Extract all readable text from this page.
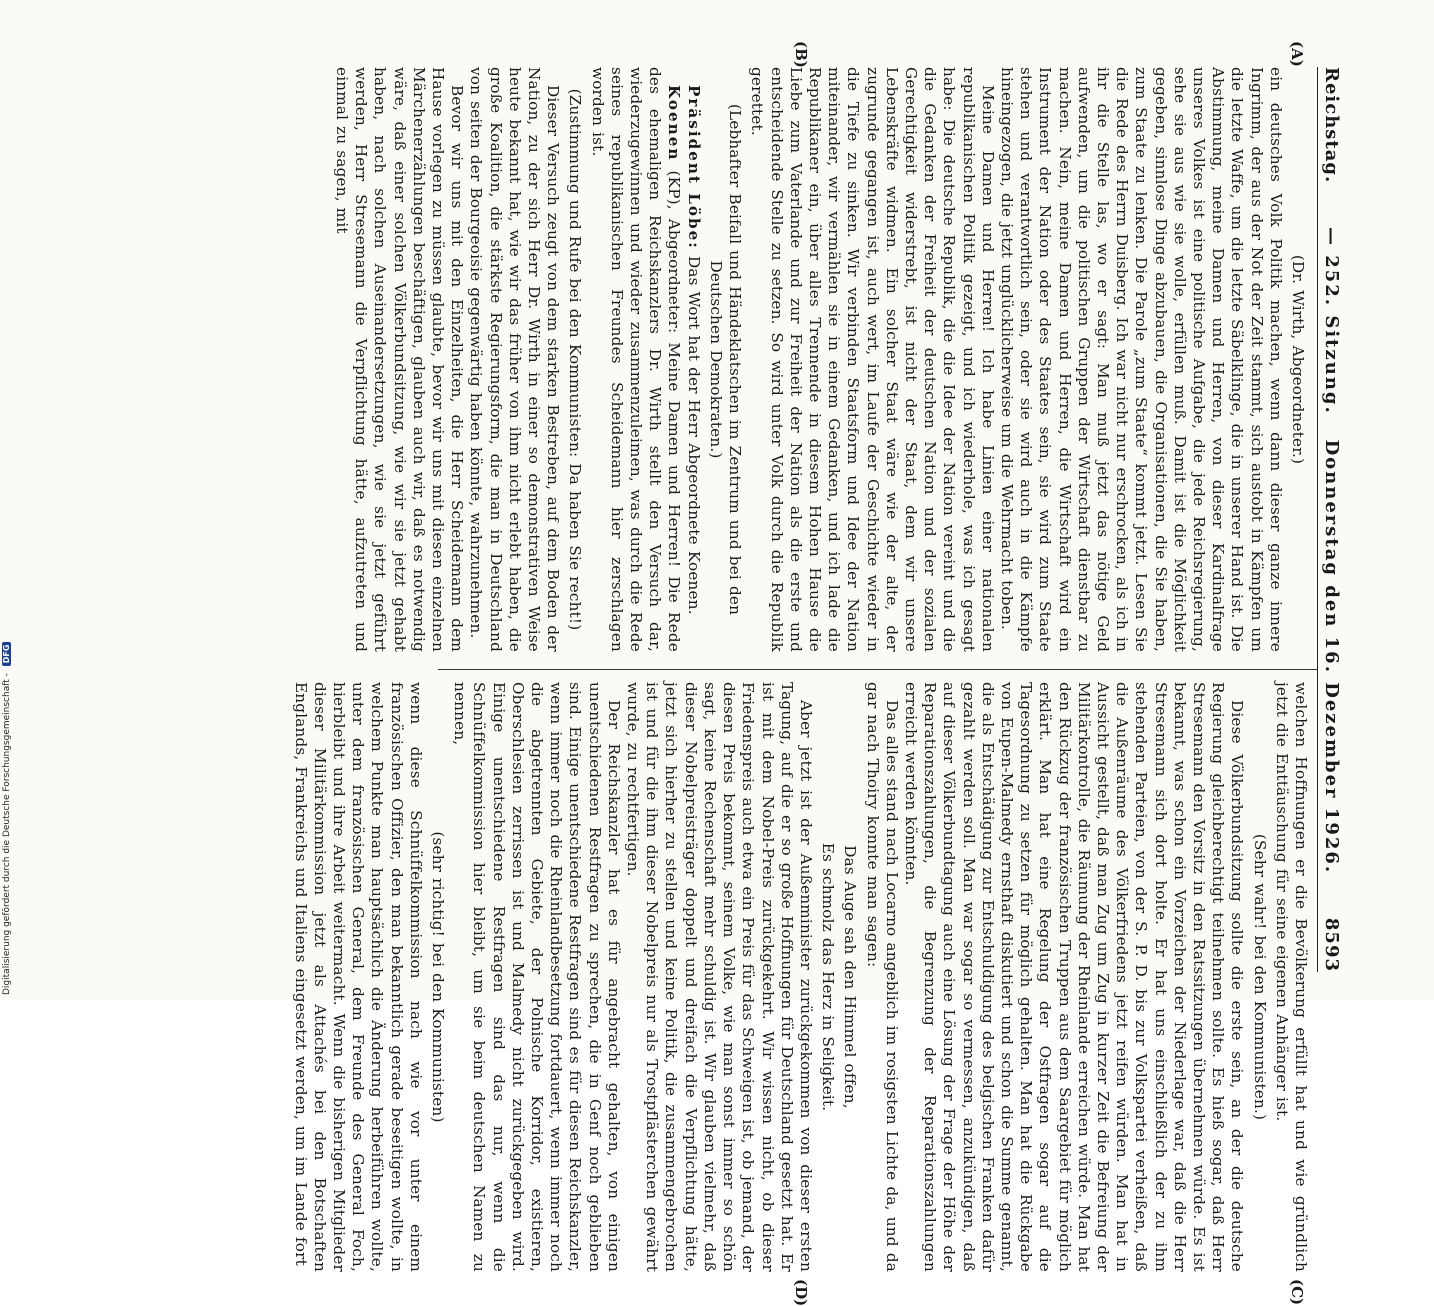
Reichstag.
— 252. Sitzung.   Donnerstag den 16. Dezember 1926.
8593
(A)
(B)
(C)
(D)

(Dr. Wirth, Abgeordneter.)

ein deutsches Volk Politik machen, wenn dann dieser ganze innere Ingrimm, der aus der Not der Zeit stammt, sich austobt in Kämpfen um die letzte Waffe, um die letzte Säbelklinge, die in unserer Hand ist. Die Abstimmung, meine Damen und Herren, von dieser Kardinalfrage unseres Volkes ist eine politische Aufgabe, die jede Reichsregierung, sehe sie aus wie sie wolle, erfüllen muß. Damit ist die Möglichkeit gegeben, sinnlose Dinge abzubauen, die Organisationen, die Sie haben, zum Staate zu lenken. Die Parole „zum Staate“ kommt jetzt. Lesen Sie die Rede des Herrn Duisberg. Ich war nicht nur erschrocken, als ich in ihr die Stelle las, wo er sagt: Man muß jetzt das nötige Geld aufwenden, um die politischen Gruppen der Wirtschaft dienstbar zu machen. Nein, meine Damen und Herren, die Wirtschaft wird ein Instrument der Nation oder des Staates sein, sie wird zum Staate stehen und verantwortlich sein, oder sie wird auch in die Kämpfe hineingezogen, die jetzt unglücklicherweise um die Wehrmacht toben.

Meine Damen und Herren! Ich habe Linien einer nationalen republikanischen Politik gezeigt, und ich wiederhole, was ich gesagt habe: Die deutsche Republik, die die Idee der Nation vereint und die die Gedanken der Freiheit der deutschen Nation und der sozialen Gerechtigkeit widerstrebt, ist nicht der Staat, dem wir unsere Lebenskräfte widmen. Ein solcher Staat wäre wie der alte, der zugrunde gegangen ist, auch wert, im Laufe der Geschichte wieder in die Tiefe zu sinken. Wir verbinden Staatsform und Idee der Nation miteinander, wir vermählen sie in einem Gedanken, und ich lade die Republikaner ein, über alles Trennende in diesem Hohen Hause die Liebe zum Vaterlande und zur Freiheit der Nation als die erste und entscheidende Stelle zu setzen. So wird unter Volk durch die Republik gerettet.

(Lebhafter Beifall und Händeklatschen im Zentrum und bei den Deutschen Demokraten.)

Präsident Löbe: Das Wort hat der Herr Abgeordnete Koenen.

Koenen (KP), Abgeordneter: Meine Damen und Herren! Die Rede des ehemaligen Reichskanzlers Dr. Wirth stellt den Versuch dar, wiederzugewinnen und wieder zusammenzuleimen, was durch die Rede seines republikanischen Freundes Scheidemann hier zerschlagen worden ist.

(Zustimmung und Rufe bei den Kommunisten: Da haben Sie recht!)

Dieser Versuch zeugt von dem starken Bestreben, auf dem Boden der Nation, zu der sich Herr Dr. Wirth in einer so demonstrativen Weise heute bekannt hat, wie wir das früher von ihm nicht erlebt haben, die große Koalition, die stärkste Regierungsform, die man in Deutschland von seiten der Bourgeoisie gegenwärtig haben könnte, wahrzunehmen.

Bevor wir uns mit den Einzelheiten, die Herr Scheidemann dem Hause vorlegen zu müssen glaubte, bevor wir uns mit diesen einzelnen Märchenerzählungen beschäftigen, glauben auch wir, daß es notwendig wäre, daß einer solchen Völkerbundsitzung, wie wir sie jetzt gehabt haben, nach solchen Auseinandersetzungen, wie sie jetzt geführt werden, Herr Stresemann die Verpflichtung hätte, aufzutreten und einmal zu sagen, mit

welchen Hoffnungen er die Bevölkerung erfüllt hat und wie gründlich jetzt die Enttäuschung für seine eigenen Anhänger ist.

(Sehr wahr! bei den Kommunisten.)

Diese Völkerbundsitzung sollte die erste sein, an der die deutsche Regierung gleichberechtigt teilnehmen sollte. Es hieß sogar, daß Herr Stresemann den Vorsitz in den Ratssitzungen übernehmen würde. Es ist bekannt, was schon ein Vorzeichen der Niederlage war, daß die Herr Stresemann sich dort holte. Er hat uns einschließlich der zu ihm stehenden Parteien, von der S. P. D. bis zur Volkspartei verheißen, daß die Außenräume des Völkerfriedens jetzt reifen würden. Man hat in Aussicht gestellt, daß man Zug um Zug in kurzer Zeit die Befreiung der Militärkontrolle, die Räumung der Rheinlande erreichen würde. Man hat den Rückzug der französischen Truppen aus dem Saargebiet für möglich erklärt. Man hat eine Regelung der Ostfragen sogar auf die Tagesordnung zu setzen für möglich gehalten. Man hat die Rückgabe von Eupen-Malmedy ernsthaft diskutiert und schon die Summe genannt, die als Entschädigung zur Entschuldigung des belgischen Franken dafür gezahlt werden soll. Man war sogar so vermessen, anzukündigen, daß auf dieser Völkerbundtagung auch eine Lösung der Frage der Höhe der Reparationszahlungen, die Begrenzung der Reparationszahlungen erreicht werden könnten.

Das alles stand nach Locarno angeblich im rosigsten Lichte da, und da gar nach Thoiry konnte man sagen:

Das Auge sah den Himmel offen,

Es schmolz das Herz in Seligkeit.

Aber jetzt ist der Außenminister zurückgekommen von dieser ersten Tagung, auf die er so große Hoffnungen für Deutschland gesetzt hat. Er ist mit dem Nobel-Preis zurückgekehrt. Wir wissen nicht, ob dieser Friedenspreis auch etwa ein Preis für das Schweigen ist, ob jemand, der diesen Preis bekommt, seinem Volke, wie man sonst immer so schön sagt, keine Rechenschaft mehr schuldig ist. Wir glauben vielmehr, daß dieser Nobelpreisträger doppelt und dreifach die Verpflichtung hätte, jetzt sich hierher zu stellen und keine Politik, die zusammengebrochen ist und für die ihm dieser Nobelpreis nur als Trostpflästerchen gewährt wurde, zu rechtfertigen.

Der Reichskanzler hat es für angebracht gehalten, von einigen unentschiedenen Restfragen zu sprechen, die in Genf noch geblieben sind. Einige unentschiedene Restfragen sind es für diesen Reichskanzler, wenn immer noch die Rheinlandbesetzung fortdauert, wenn immer noch die abgetrennten Gebiete, der Polnische Korridor, existieren, Oberschlesien zerrissen ist und Malmedy nicht zurückgegeben wird. Einige unentschiedene Restfragen sind das nur, wenn die Schnüffelkommission hier bleibt, um sie beim deutschen Namen zu nennen,

(sehr richtig! bei den Kommunisten)

wenn diese Schnüffelkommission nach wie vor unter einem französischen Offizier, den man bekanntlich gerade beseitigen wollte, in welchem Punkte man hauptsächlich die Änderung herbeiführen wollte, unter dem französischen General, dem Freunde des General Foch, hierbleibt und ihre Arbeit weitermacht. Wenn die bisherigen Mitglieder dieser Militärkommission jetzt als Attachés bei den Botschaften Englands, Frankreichs und Italiens eingesetzt werden, um im Lande fort

Digitalisierung gefördert durch die Deutsche Forschungsgemeinschaft - DFG
